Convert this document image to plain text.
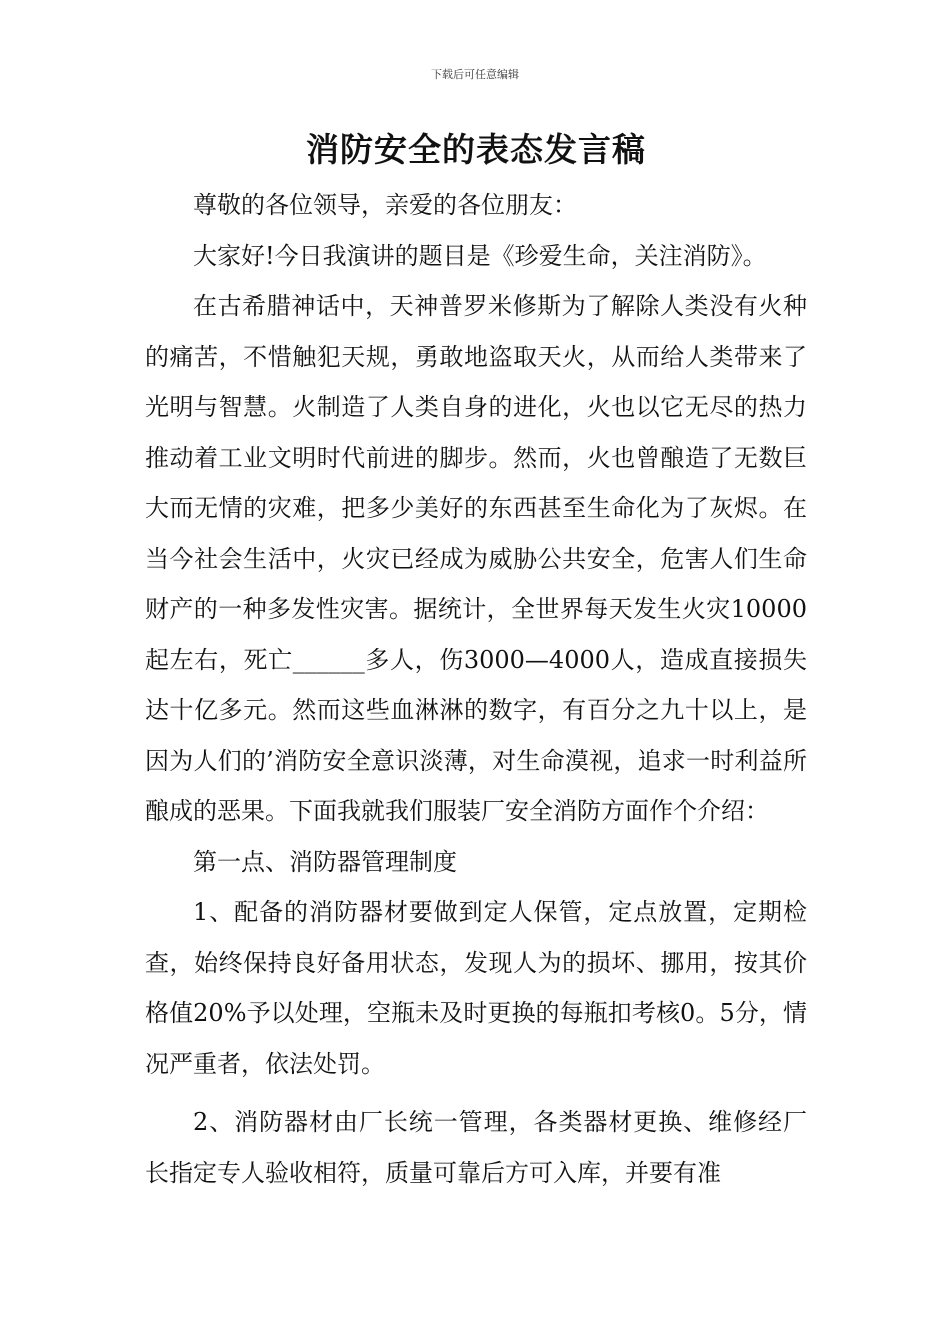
下载后可任意编辑
消防安全的表态发言稿

尊敬的各位领导，亲爱的各位朋友：

大家好!今日我演讲的题目是《珍爱生命，关注消防》。

在古希腊神话中，天神普罗米修斯为了解除人类没有火种的痛苦，不惜触犯天规，勇敢地盗取天火，从而给人类带来了光明与智慧。火制造了人类自身的进化，火也以它无尽的热力推动着工业文明时代前进的脚步。然而，火也曾酿造了无数巨大而无情的灾难，把多少美好的东西甚至生命化为了灰烬。在当今社会生活中，火灾已经成为威胁公共安全，危害人们生命财产的一种多发性灾害。据统计，全世界每天发生火灾10000起左右，死亡______多人，伤3000—4000人，造成直接损失达十亿多元。然而这些血淋淋的数字，有百分之九十以上，是因为人们的’消防安全意识淡薄，对生命漠视，追求一时利益所酿成的恶果。下面我就我们服装厂安全消防方面作个介绍：

第一点、消防器管理制度

1、配备的消防器材要做到定人保管，定点放置，定期检查，始终保持良好备用状态，发现人为的损坏、挪用，按其价格值20%予以处理，空瓶未及时更换的每瓶扣考核0。5分，情况严重者，依法处罚。

2、消防器材由厂长统一管理，各类器材更换、维修经厂长指定专人验收相符，质量可靠后方可入库，并要有准
